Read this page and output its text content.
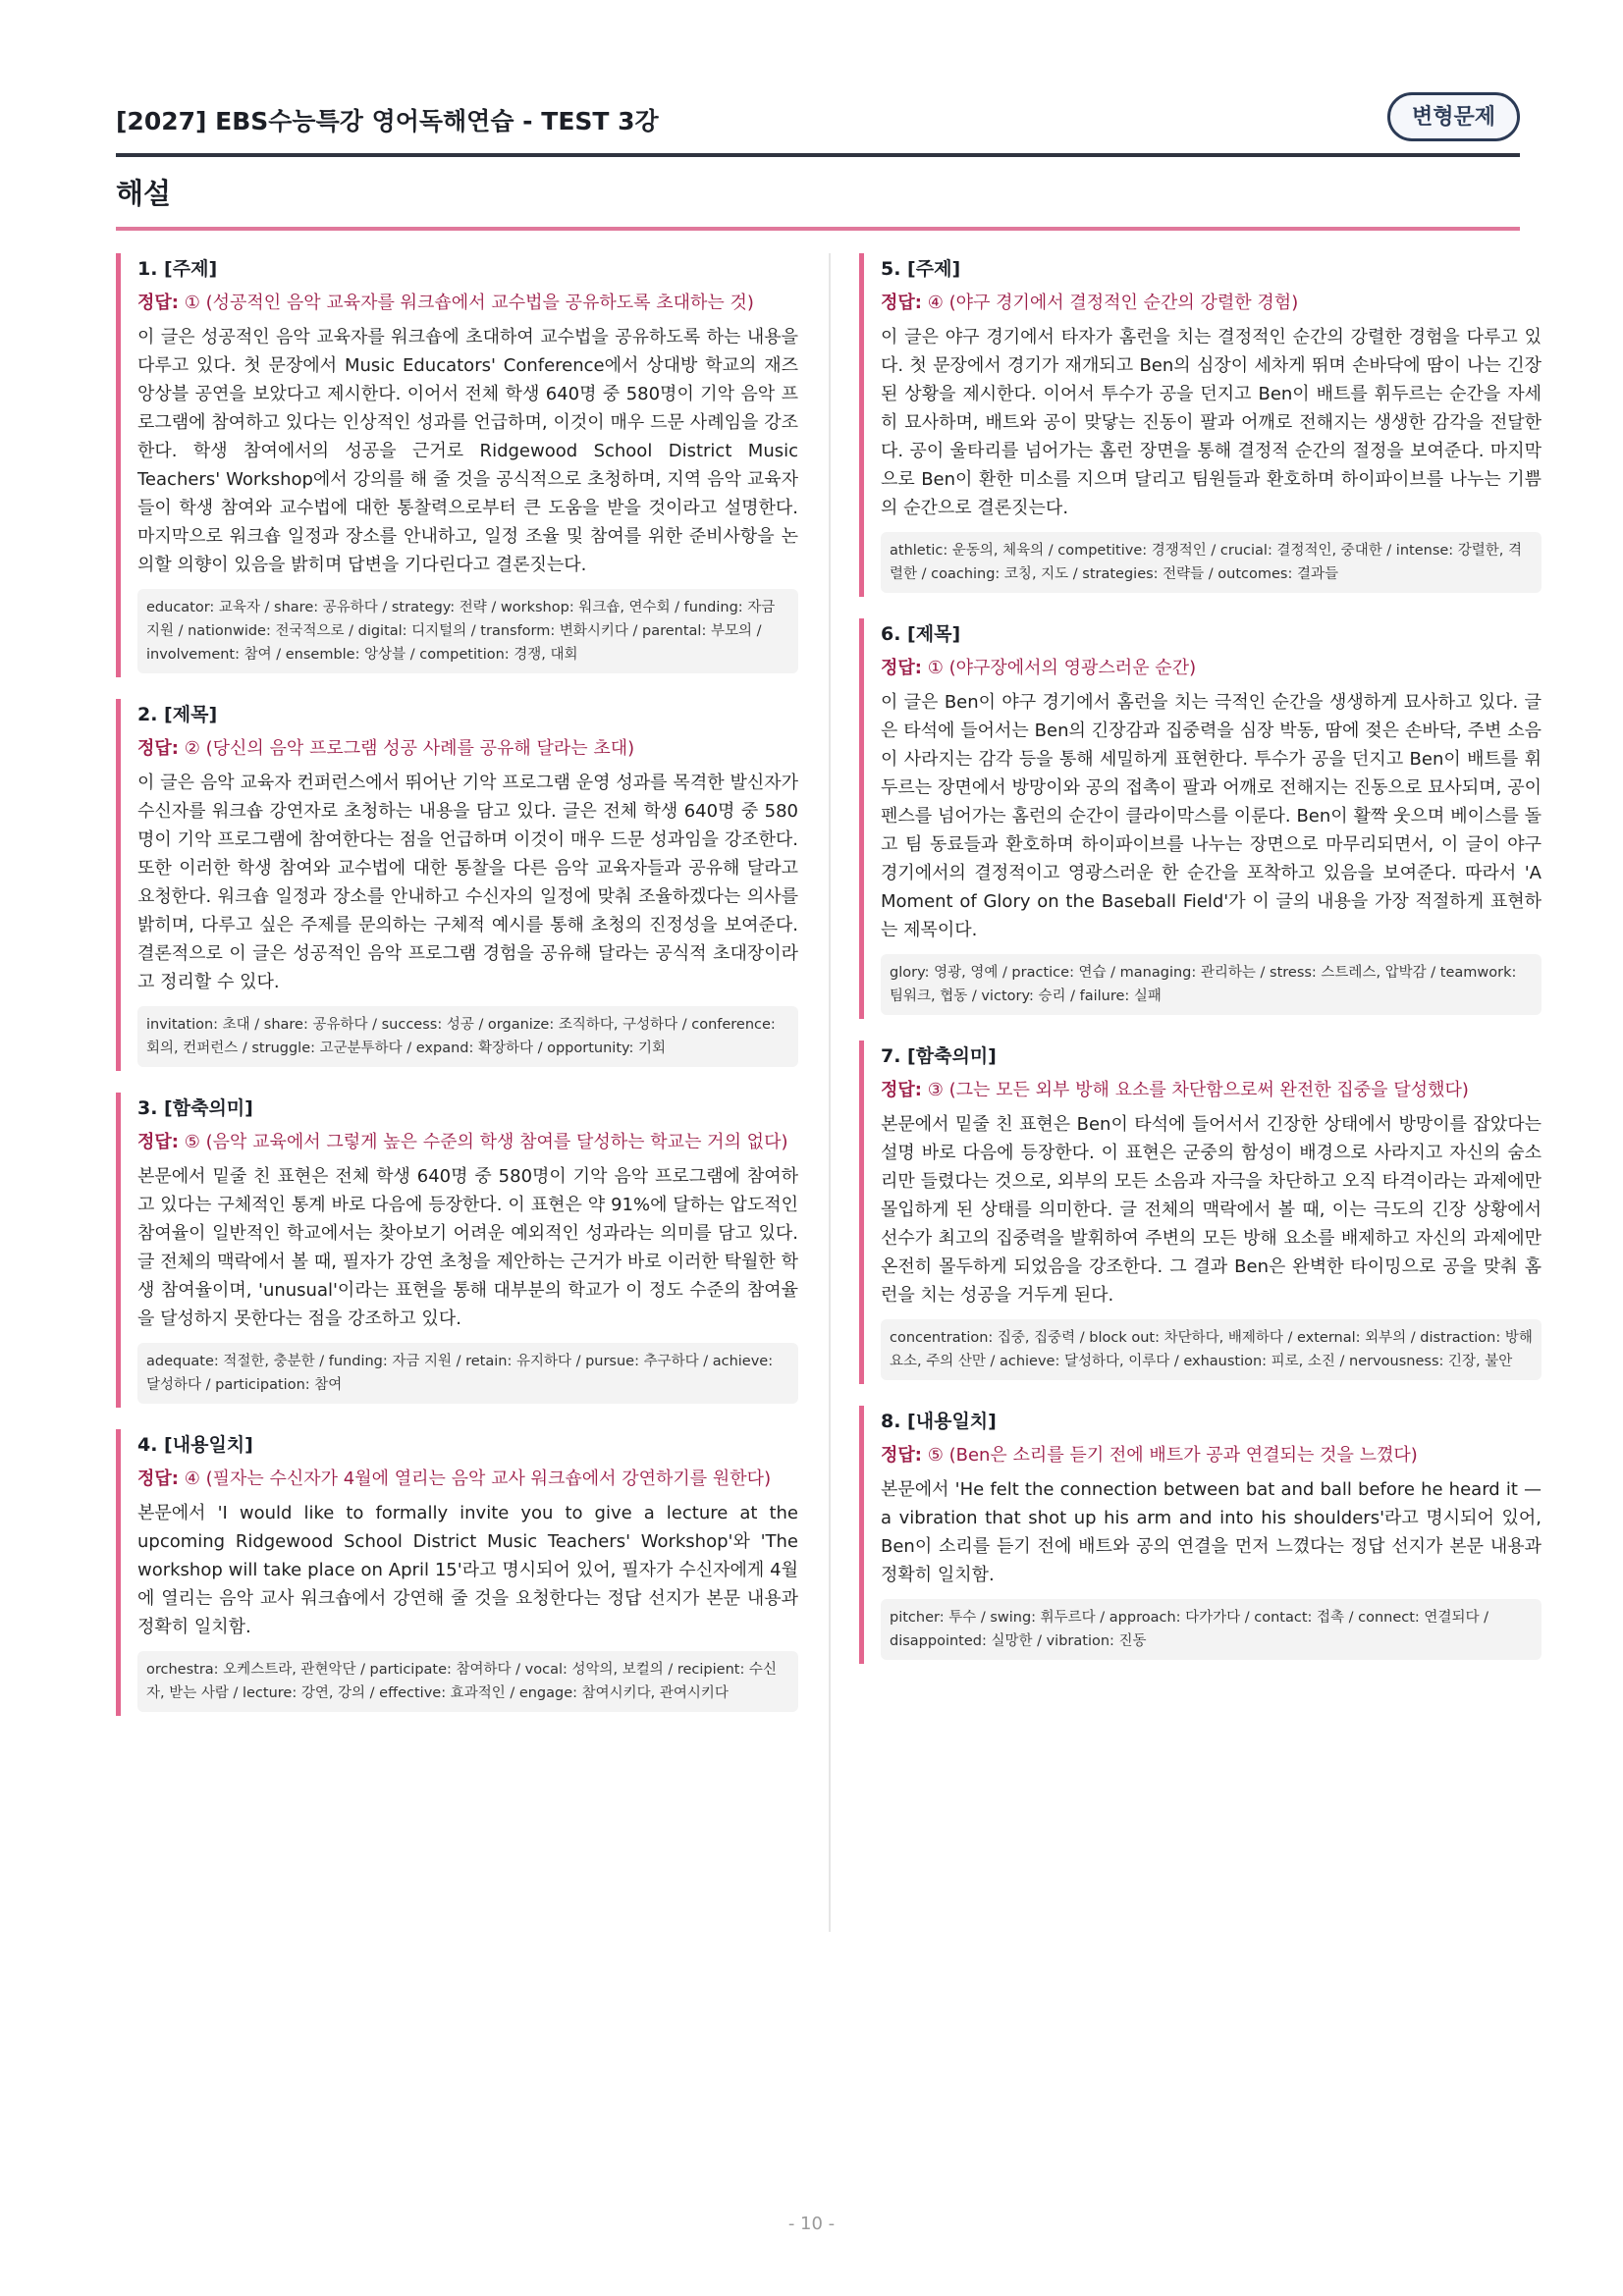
[2027] EBS수능특강 영어독해연습 - TEST 3강	변형문제
해설
1. [주제]
정답: ① (성공적인 음악 교육자를 워크숍에서 교수법을 공유하도록 초대하는 것)
이 글은 성공적인 음악 교육자를 워크숍에 초대하여 교수법을 공유하도록 하는 내용을 다루고 있다. 첫 문장에서 Music Educators' Conference에서 상대방 학교의 재즈 앙상블 공연을 보았다고 제시한다. 이어서 전체 학생 640명 중 580명이 기악 음악 프로그램에 참여하고 있다는 인상적인 성과를 언급하며, 이것이 매우 드문 사례임을 강조한다. 학생 참여에서의 성공을 근거로 Ridgewood School District Music Teachers' Workshop에서 강의를 해 줄 것을 공식적으로 초청하며, 지역 음악 교육자들이 학생 참여와 교수법에 대한 통찰력으로부터 큰 도움을 받을 것이라고 설명한다. 마지막으로 워크숍 일정과 장소를 안내하고, 일정 조율 및 참여를 위한 준비사항을 논의할 의향이 있음을 밝히며 답변을 기다린다고 결론짓는다.
educator: 교육자 / share: 공유하다 / strategy: 전략 / workshop: 워크숍, 연수회 / funding: 자금 지원 / nationwide: 전국적으로 / digital: 디지털의 / transform: 변화시키다 / parental: 부모의 / involvement: 참여 / ensemble: 앙상블 / competition: 경쟁, 대회
2. [제목]
정답: ② (당신의 음악 프로그램 성공 사례를 공유해 달라는 초대)
이 글은 음악 교육자 컨퍼런스에서 뛰어난 기악 프로그램 운영 성과를 목격한 발신자가 수신자를 워크숍 강연자로 초청하는 내용을 담고 있다. 글은 전체 학생 640명 중 580명이 기악 프로그램에 참여한다는 점을 언급하며 이것이 매우 드문 성과임을 강조한다. 또한 이러한 학생 참여와 교수법에 대한 통찰을 다른 음악 교육자들과 공유해 달라고 요청한다. 워크숍 일정과 장소를 안내하고 수신자의 일정에 맞춰 조율하겠다는 의사를 밝히며, 다루고 싶은 주제를 문의하는 구체적 예시를 통해 초청의 진정성을 보여준다. 결론적으로 이 글은 성공적인 음악 프로그램 경험을 공유해 달라는 공식적 초대장이라고 정리할 수 있다.
invitation: 초대 / share: 공유하다 / success: 성공 / organize: 조직하다, 구성하다 / conference: 회의, 컨퍼런스 / struggle: 고군분투하다 / expand: 확장하다 / opportunity: 기회
3. [함축의미]
정답: ⑤ (음악 교육에서 그렇게 높은 수준의 학생 참여를 달성하는 학교는 거의 없다)
본문에서 밑줄 친 표현은 전체 학생 640명 중 580명이 기악 음악 프로그램에 참여하고 있다는 구체적인 통계 바로 다음에 등장한다. 이 표현은 약 91%에 달하는 압도적인 참여율이 일반적인 학교에서는 찾아보기 어려운 예외적인 성과라는 의미를 담고 있다. 글 전체의 맥락에서 볼 때, 필자가 강연 초청을 제안하는 근거가 바로 이러한 탁월한 학생 참여율이며, 'unusual'이라는 표현을 통해 대부분의 학교가 이 정도 수준의 참여율을 달성하지 못한다는 점을 강조하고 있다.
adequate: 적절한, 충분한 / funding: 자금 지원 / retain: 유지하다 / pursue: 추구하다 / achieve: 달성하다 / participation: 참여
4. [내용일치]
정답: ④ (필자는 수신자가 4월에 열리는 음악 교사 워크숍에서 강연하기를 원한다)
본문에서 'I would like to formally invite you to give a lecture at the upcoming Ridgewood School District Music Teachers' Workshop'와 'The workshop will take place on April 15'라고 명시되어 있어, 필자가 수신자에게 4월에 열리는 음악 교사 워크숍에서 강연해 줄 것을 요청한다는 정답 선지가 본문 내용과 정확히 일치함.
orchestra: 오케스트라, 관현악단 / participate: 참여하다 / vocal: 성악의, 보컬의 / recipient: 수신자, 받는 사람 / lecture: 강연, 강의 / effective: 효과적인 / engage: 참여시키다, 관여시키다
5. [주제]
정답: ④ (야구 경기에서 결정적인 순간의 강렬한 경험)
이 글은 야구 경기에서 타자가 홈런을 치는 결정적인 순간의 강렬한 경험을 다루고 있다. 첫 문장에서 경기가 재개되고 Ben의 심장이 세차게 뛰며 손바닥에 땀이 나는 긴장된 상황을 제시한다. 이어서 투수가 공을 던지고 Ben이 배트를 휘두르는 순간을 자세히 묘사하며, 배트와 공이 맞닿는 진동이 팔과 어깨로 전해지는 생생한 감각을 전달한다. 공이 울타리를 넘어가는 홈런 장면을 통해 결정적 순간의 절정을 보여준다. 마지막으로 Ben이 환한 미소를 지으며 달리고 팀원들과 환호하며 하이파이브를 나누는 기쁨의 순간으로 결론짓는다.
athletic: 운동의, 체육의 / competitive: 경쟁적인 / crucial: 결정적인, 중대한 / intense: 강렬한, 격렬한 / coaching: 코칭, 지도 / strategies: 전략들 / outcomes: 결과들
6. [제목]
정답: ① (야구장에서의 영광스러운 순간)
이 글은 Ben이 야구 경기에서 홈런을 치는 극적인 순간을 생생하게 묘사하고 있다. 글은 타석에 들어서는 Ben의 긴장감과 집중력을 심장 박동, 땀에 젖은 손바닥, 주변 소음이 사라지는 감각 등을 통해 세밀하게 표현한다. 투수가 공을 던지고 Ben이 배트를 휘두르는 장면에서 방망이와 공의 접촉이 팔과 어깨로 전해지는 진동으로 묘사되며, 공이 펜스를 넘어가는 홈런의 순간이 클라이막스를 이룬다. Ben이 활짝 웃으며 베이스를 돌고 팀 동료들과 환호하며 하이파이브를 나누는 장면으로 마무리되면서, 이 글이 야구 경기에서의 결정적이고 영광스러운 한 순간을 포착하고 있음을 보여준다. 따라서 'A Moment of Glory on the Baseball Field'가 이 글의 내용을 가장 적절하게 표현하는 제목이다.
glory: 영광, 영예 / practice: 연습 / managing: 관리하는 / stress: 스트레스, 압박감 / teamwork: 팀워크, 협동 / victory: 승리 / failure: 실패
7. [함축의미]
정답: ③ (그는 모든 외부 방해 요소를 차단함으로써 완전한 집중을 달성했다)
본문에서 밑줄 친 표현은 Ben이 타석에 들어서서 긴장한 상태에서 방망이를 잡았다는 설명 바로 다음에 등장한다. 이 표현은 군중의 함성이 배경으로 사라지고 자신의 숨소리만 들렸다는 것으로, 외부의 모든 소음과 자극을 차단하고 오직 타격이라는 과제에만 몰입하게 된 상태를 의미한다. 글 전체의 맥락에서 볼 때, 이는 극도의 긴장 상황에서 선수가 최고의 집중력을 발휘하여 주변의 모든 방해 요소를 배제하고 자신의 과제에만 온전히 몰두하게 되었음을 강조한다. 그 결과 Ben은 완벽한 타이밍으로 공을 맞춰 홈런을 치는 성공을 거두게 된다.
concentration: 집중, 집중력 / block out: 차단하다, 배제하다 / external: 외부의 / distraction: 방해 요소, 주의 산만 / achieve: 달성하다, 이루다 / exhaustion: 피로, 소진 / nervousness: 긴장, 불안
8. [내용일치]
정답: ⑤ (Ben은 소리를 듣기 전에 배트가 공과 연결되는 것을 느꼈다)
본문에서 'He felt the connection between bat and ball before he heard it — a vibration that shot up his arm and into his shoulders'라고 명시되어 있어, Ben이 소리를 듣기 전에 배트와 공의 연결을 먼저 느꼈다는 정답 선지가 본문 내용과 정확히 일치함.
pitcher: 투수 / swing: 휘두르다 / approach: 다가가다 / contact: 접촉 / connect: 연결되다 / disappointed: 실망한 / vibration: 진동
- 10 -
